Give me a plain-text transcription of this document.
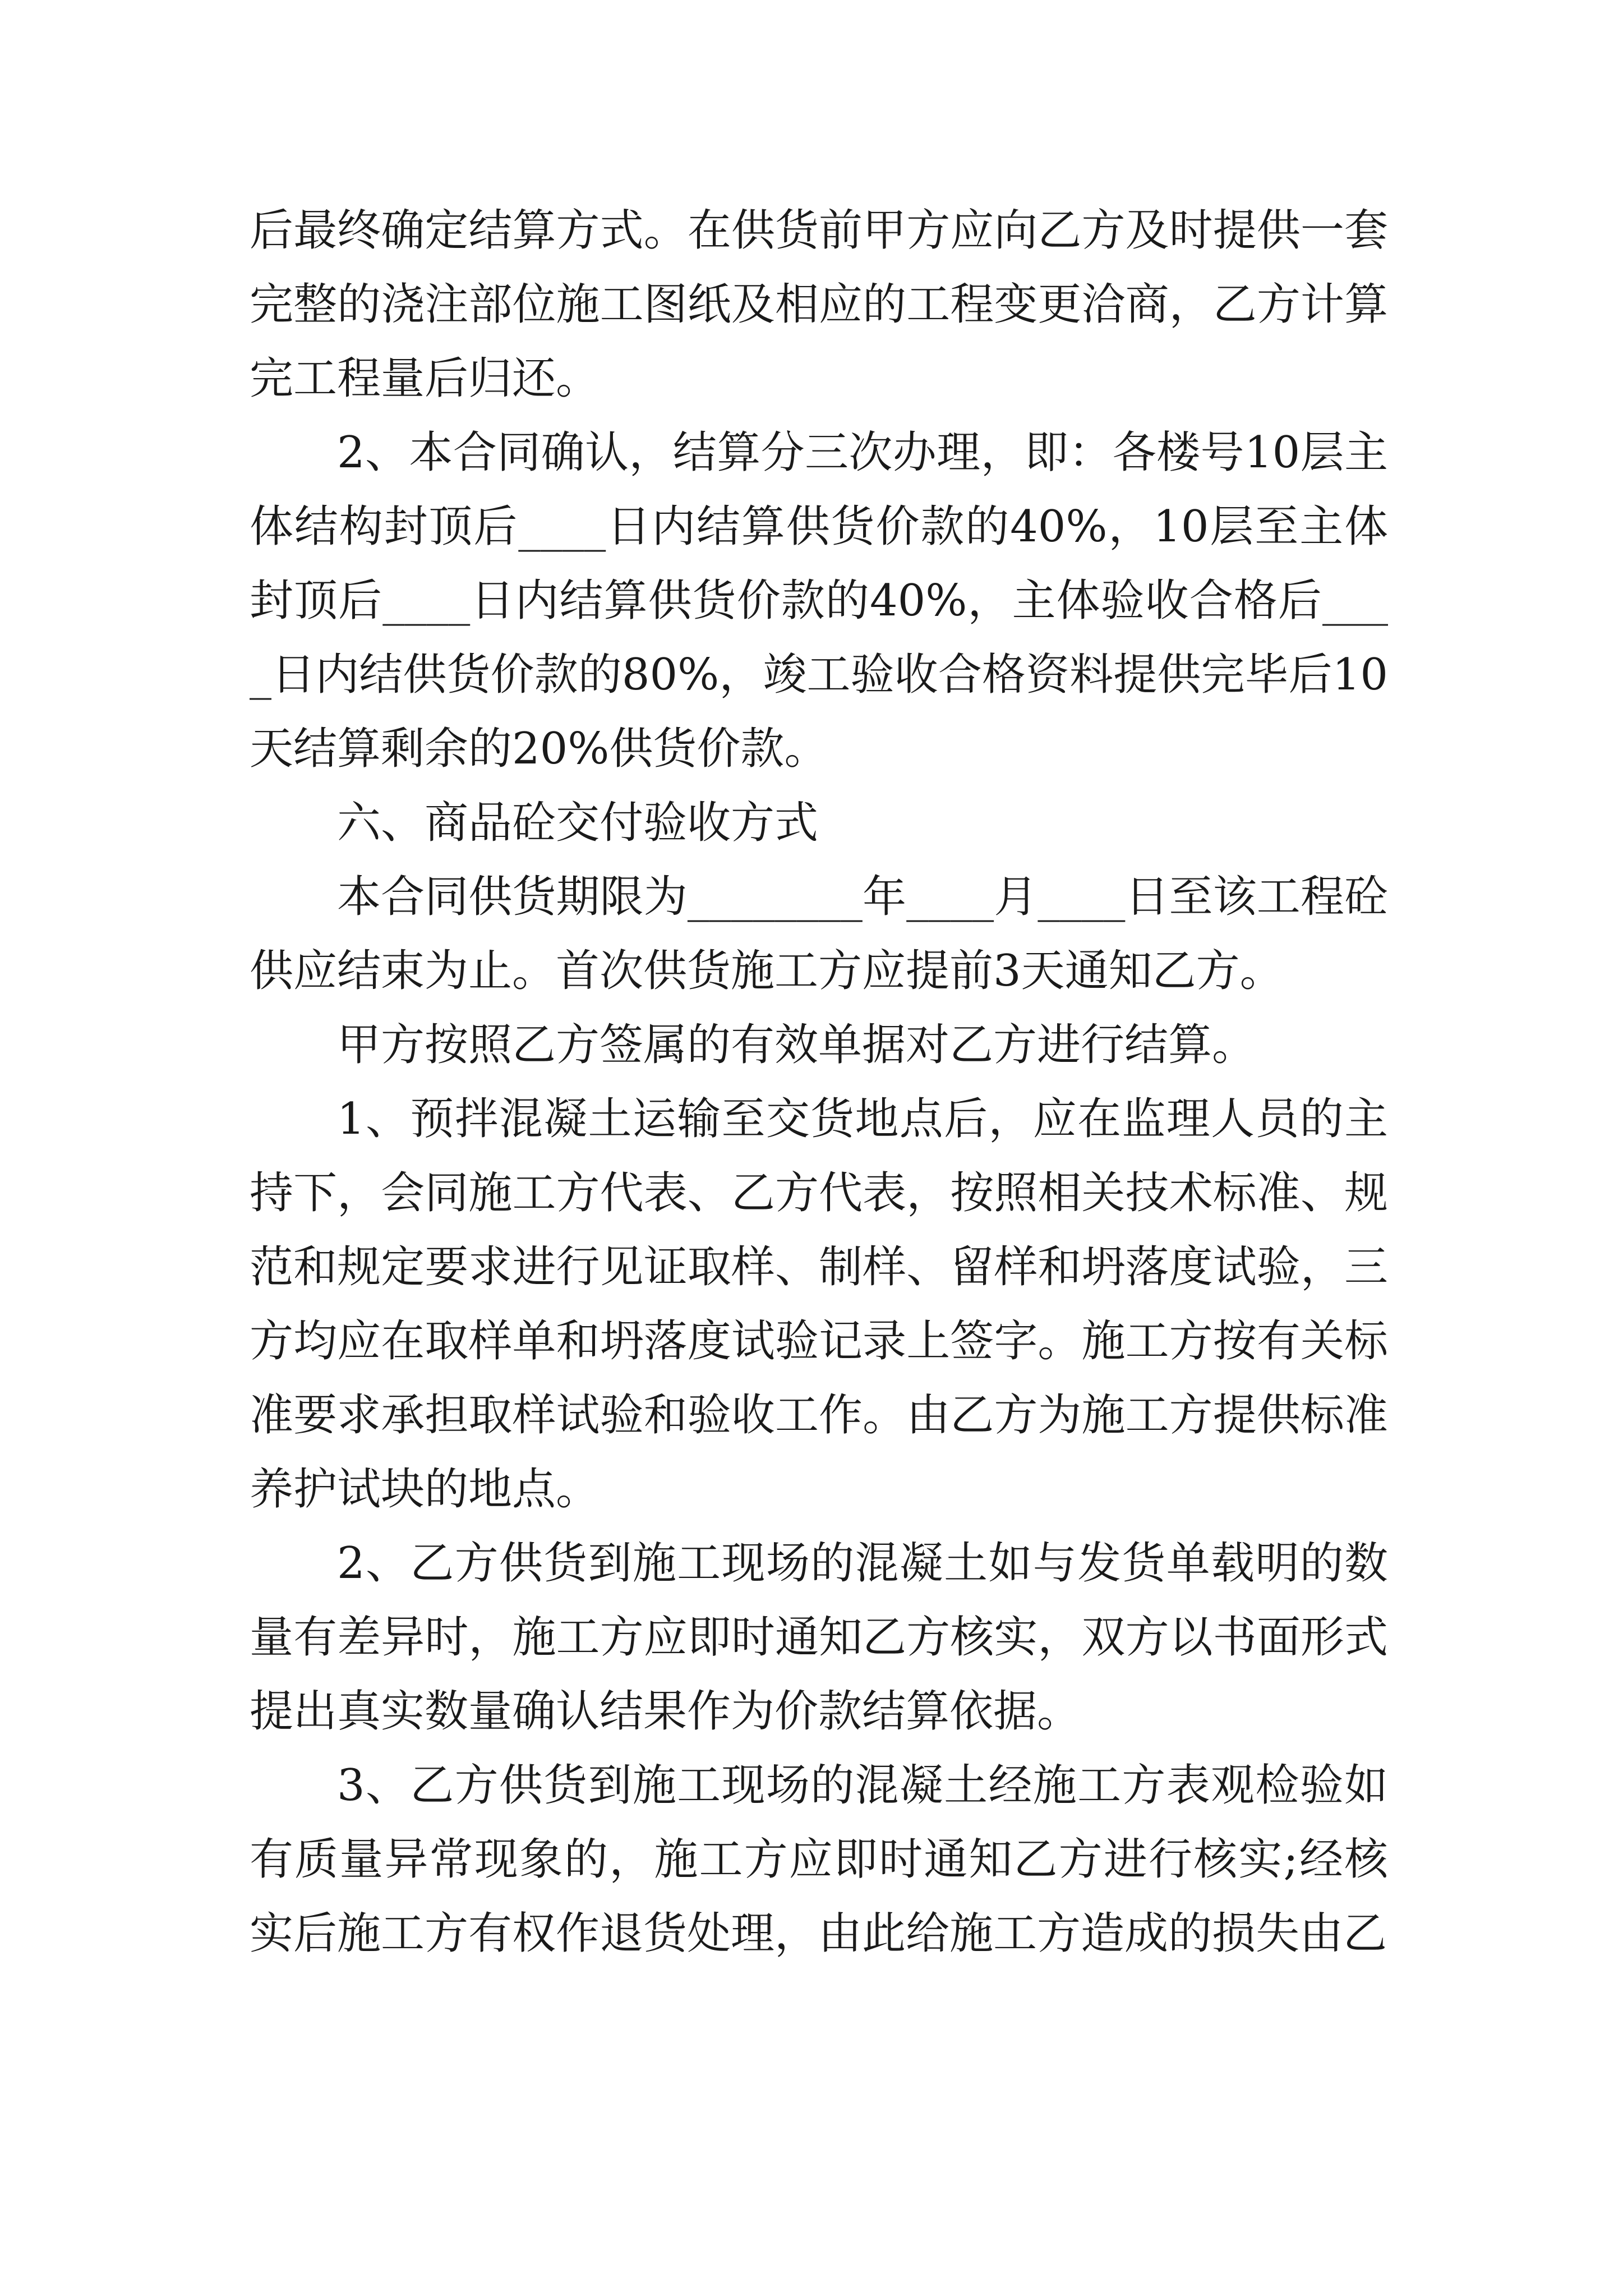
后最终确定结算方式。在供货前甲方应向乙方及时提供一套完整的浇注部位施工图纸及相应的工程变更洽商，乙方计算完工程量后归还。

2、本合同确认，结算分三次办理，即：各楼号10层主体结构封顶后____日内结算供货价款的40%，10层至主体封顶后____日内结算供货价款的40%，主体验收合格后____日内结供货价款的80%，竣工验收合格资料提供完毕后10天结算剩余的20%供货价款。

六、商品砼交付验收方式

本合同供货期限为________年____月____日至该工程砼供应结束为止。首次供货施工方应提前3天通知乙方。

甲方按照乙方签属的有效单据对乙方进行结算。

1、预拌混凝土运输至交货地点后，应在监理人员的主持下，会同施工方代表、乙方代表，按照相关技术标准、规范和规定要求进行见证取样、制样、留样和坍落度试验，三方均应在取样单和坍落度试验记录上签字。施工方按有关标准要求承担取样试验和验收工作。由乙方为施工方提供标准养护试块的地点。

2、乙方供货到施工现场的混凝土如与发货单载明的数量有差异时，施工方应即时通知乙方核实，双方以书面形式提出真实数量确认结果作为价款结算依据。

3、乙方供货到施工现场的混凝土经施工方表观检验如有质量异常现象的，施工方应即时通知乙方进行核实;经核实后施工方有权作退货处理，由此给施工方造成的损失由乙
